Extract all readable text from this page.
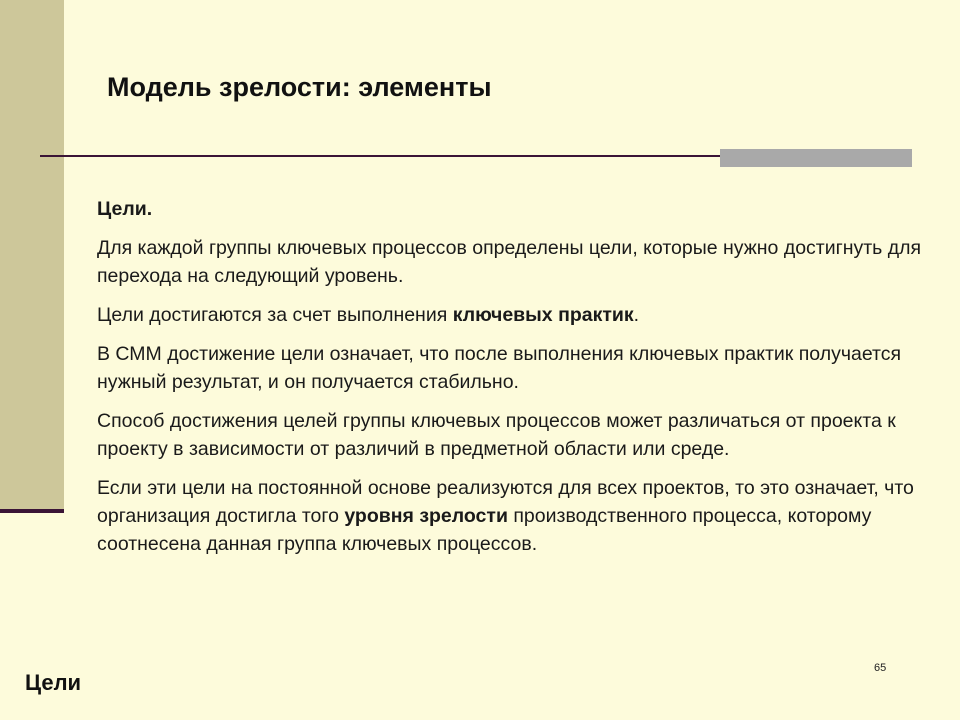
Модель зрелости: элементы

Цели.

Для каждой группы ключевых процессов определены цели, которые нужно достигнуть для перехода на следующий уровень.

Цели достигаются за счет выполнения ключевых практик.

В СММ достижение цели означает, что после выполнения ключевых практик получается нужный результат, и он получается стабильно.

Способ достижения целей группы ключевых процессов может различаться от проекта к проекту в зависимости от различий в предметной области или среде.

Если эти цели на постоянной основе реализуются для всех проектов, то это означает, что организация достигла того уровня зрелости производственного процесса, которому соотнесена данная группа ключевых процессов.

65
Цели
